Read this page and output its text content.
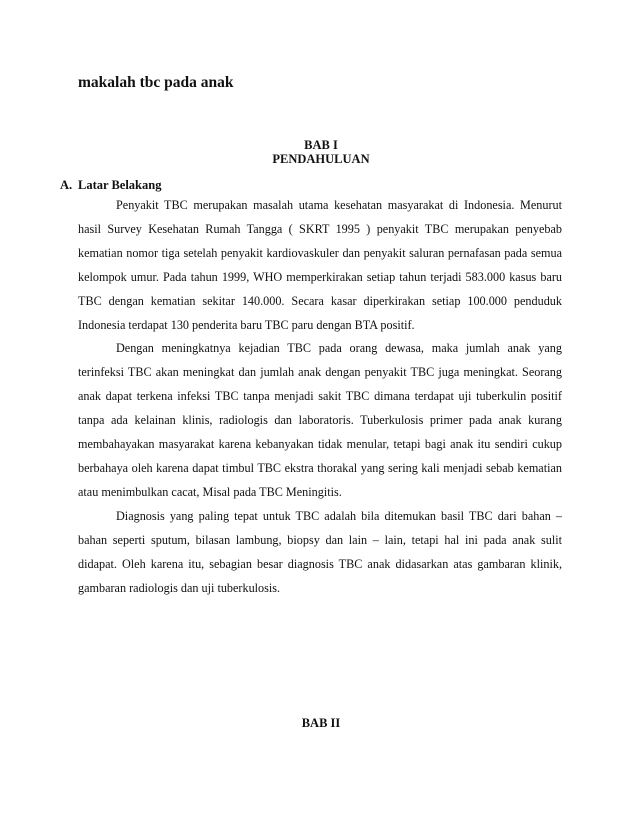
makalah tbc pada anak
BAB I
PENDAHULUAN
A. Latar Belakang

Penyakit TBC merupakan masalah utama kesehatan masyarakat di Indonesia. Menurut hasil Survey Kesehatan Rumah Tangga ( SKRT 1995 ) penyakit TBC merupakan penyebab kematian nomor tiga setelah penyakit kardiovaskuler dan penyakit saluran pernafasan pada semua kelompok umur. Pada tahun 1999, WHO memperkirakan setiap tahun terjadi 583.000 kasus baru TBC dengan kematian sekitar 140.000. Secara kasar diperkirakan setiap 100.000 penduduk Indonesia terdapat 130 penderita baru TBC paru dengan BTA positif.

Dengan meningkatnya kejadian TBC pada orang dewasa, maka jumlah anak yang terinfeksi TBC akan meningkat dan jumlah anak dengan penyakit TBC juga meningkat. Seorang anak dapat terkena infeksi TBC tanpa menjadi sakit TBC dimana terdapat uji tuberkulin positif tanpa ada kelainan klinis, radiologis dan laboratoris. Tuberkulosis primer pada anak kurang membahayakan masyarakat karena kebanyakan tidak menular, tetapi bagi anak itu sendiri cukup berbahaya oleh karena dapat timbul TBC ekstra thorakal yang sering kali menjadi sebab kematian atau menimbulkan cacat, Misal pada TBC Meningitis.

Diagnosis yang paling tepat untuk TBC adalah bila ditemukan basil TBC dari bahan – bahan seperti sputum, bilasan lambung, biopsy dan lain – lain, tetapi hal ini pada anak sulit didapat. Oleh karena itu, sebagian besar diagnosis TBC anak didasarkan atas gambaran klinik, gambaran radiologis dan uji tuberkulosis.

BAB II
